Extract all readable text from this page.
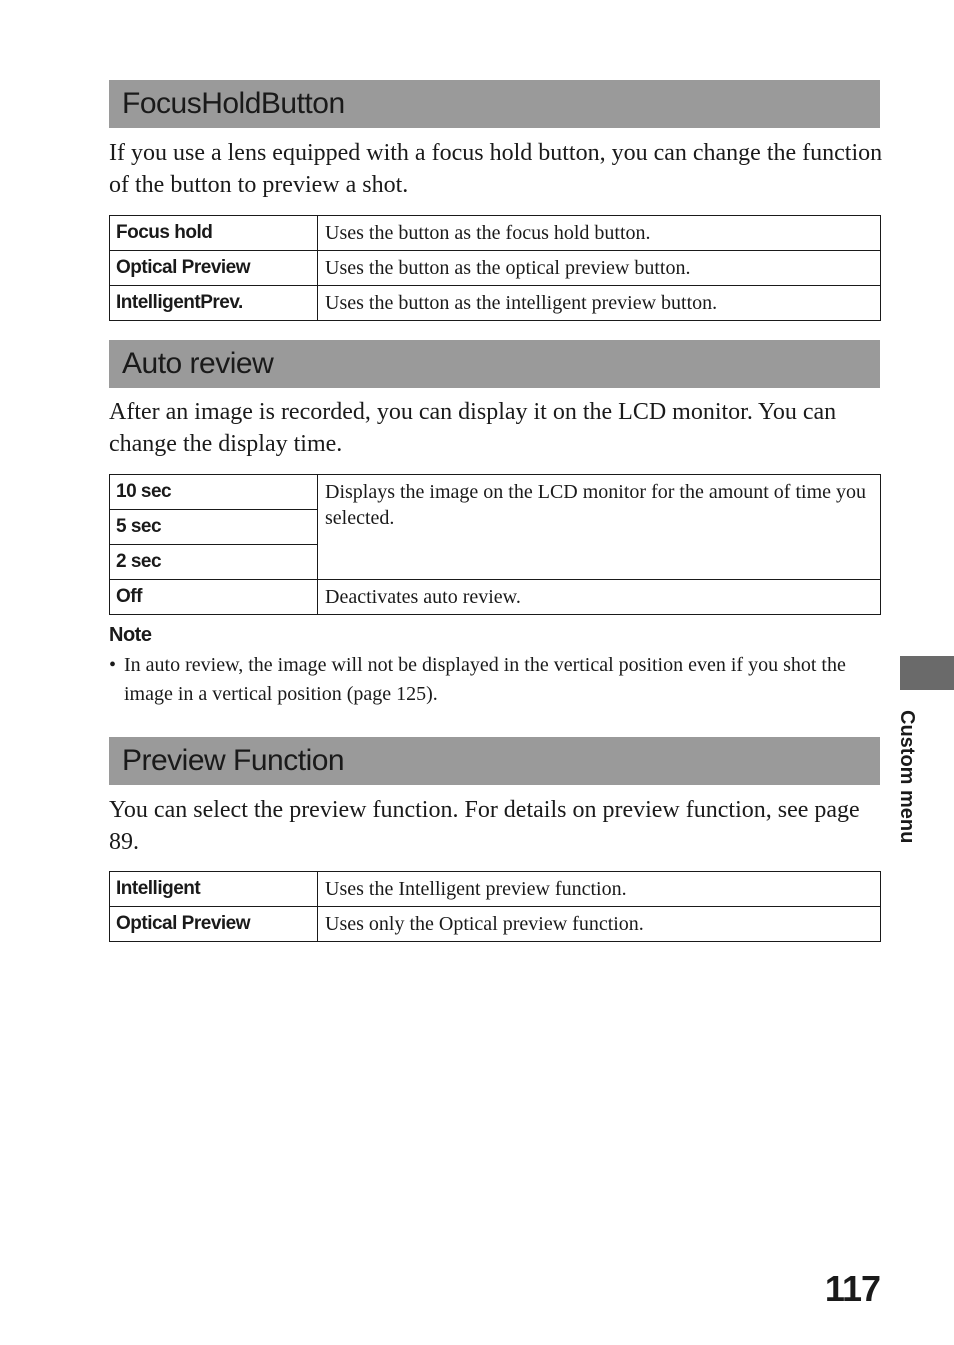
FocusHoldButton

If you use a lens equipped with a focus hold button, you can change the function of the button to preview a shot.

Focus hold	Uses the button as the focus hold button.
Optical Preview	Uses the button as the optical preview button.
IntelligentPrev.	Uses the button as the intelligent preview button.
Auto review

After an image is recorded, you can display it on the LCD monitor. You can change the display time.

10 sec	Displays the image on the LCD monitor for the amount of time you selected.
5 sec	
2 sec	
Off	Deactivates auto review.
Note
• In auto review, the image will not be displayed in the vertical position even if you shot the image in a vertical position (page 125).
Preview Function

You can select the preview function. For details on preview function, see page 89.

Intelligent	Uses the Intelligent preview function.
Optical Preview	Uses only the Optical preview function.
Custom menu
117
